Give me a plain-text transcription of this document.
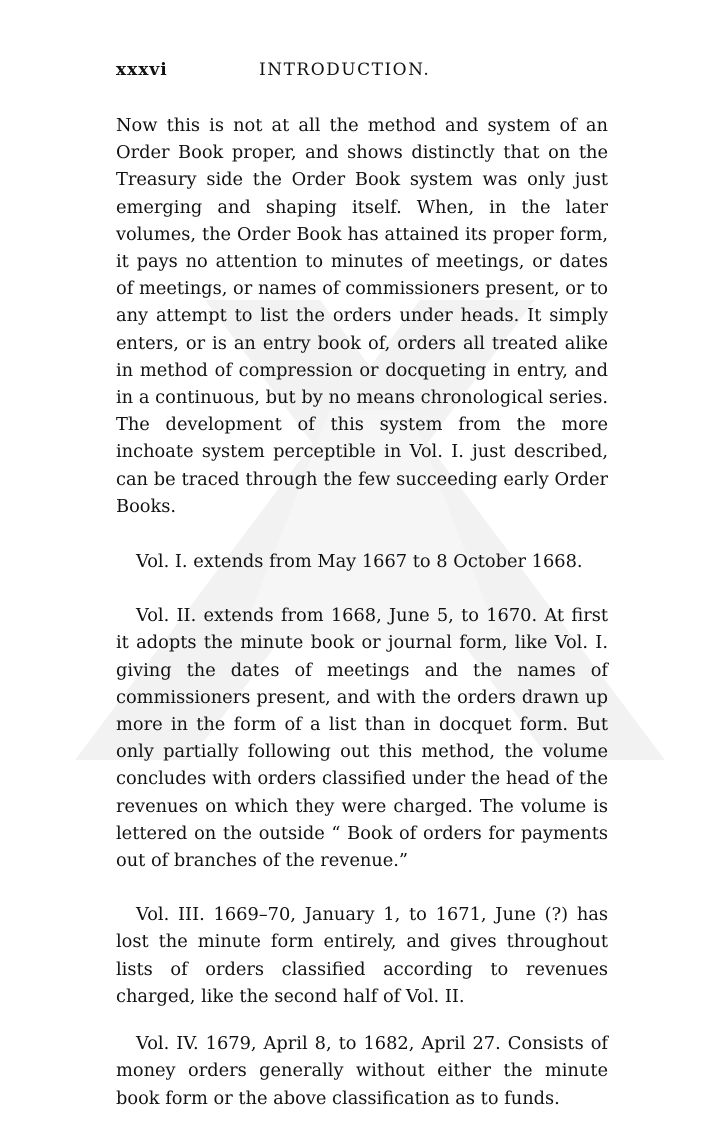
xxxvi	INTRODUCTION.

Now this is not at all the method and system of an Order Book proper, and shows distinctly that on the Treasury side the Order Book system was only just emerging and shaping itself. When, in the later volumes, the Order Book has attained its proper form, it pays no attention to minutes of meetings, or dates of meetings, or names of commissioners present, or to any attempt to list the orders under heads. It simply enters, or is an entry book of, orders all treated alike in method of compression or docqueting in entry, and in a continuous, but by no means chronological series. The development of this system from the more inchoate system perceptible in Vol. I. just described, can be traced through the few succeeding early Order Books.

Vol. I. extends from May 1667 to 8 October 1668.

Vol. II. extends from 1668, June 5, to 1670. At first it adopts the minute book or journal form, like Vol. I. giving the dates of meetings and the names of commissioners present, and with the orders drawn up more in the form of a list than in docquet form. But only partially following out this method, the volume concludes with orders classified under the head of the revenues on which they were charged. The volume is lettered on the outside “ Book of orders for payments out of branches of the revenue.”

Vol. III. 1669–70, January 1, to 1671, June (?) has lost the minute form entirely, and gives throughout lists of orders classified according to revenues charged, like the second half of Vol. II.

Vol. IV. 1679, April 8, to 1682, April 27. Consists of money orders generally without either the minute book form or the above classification as to funds.
